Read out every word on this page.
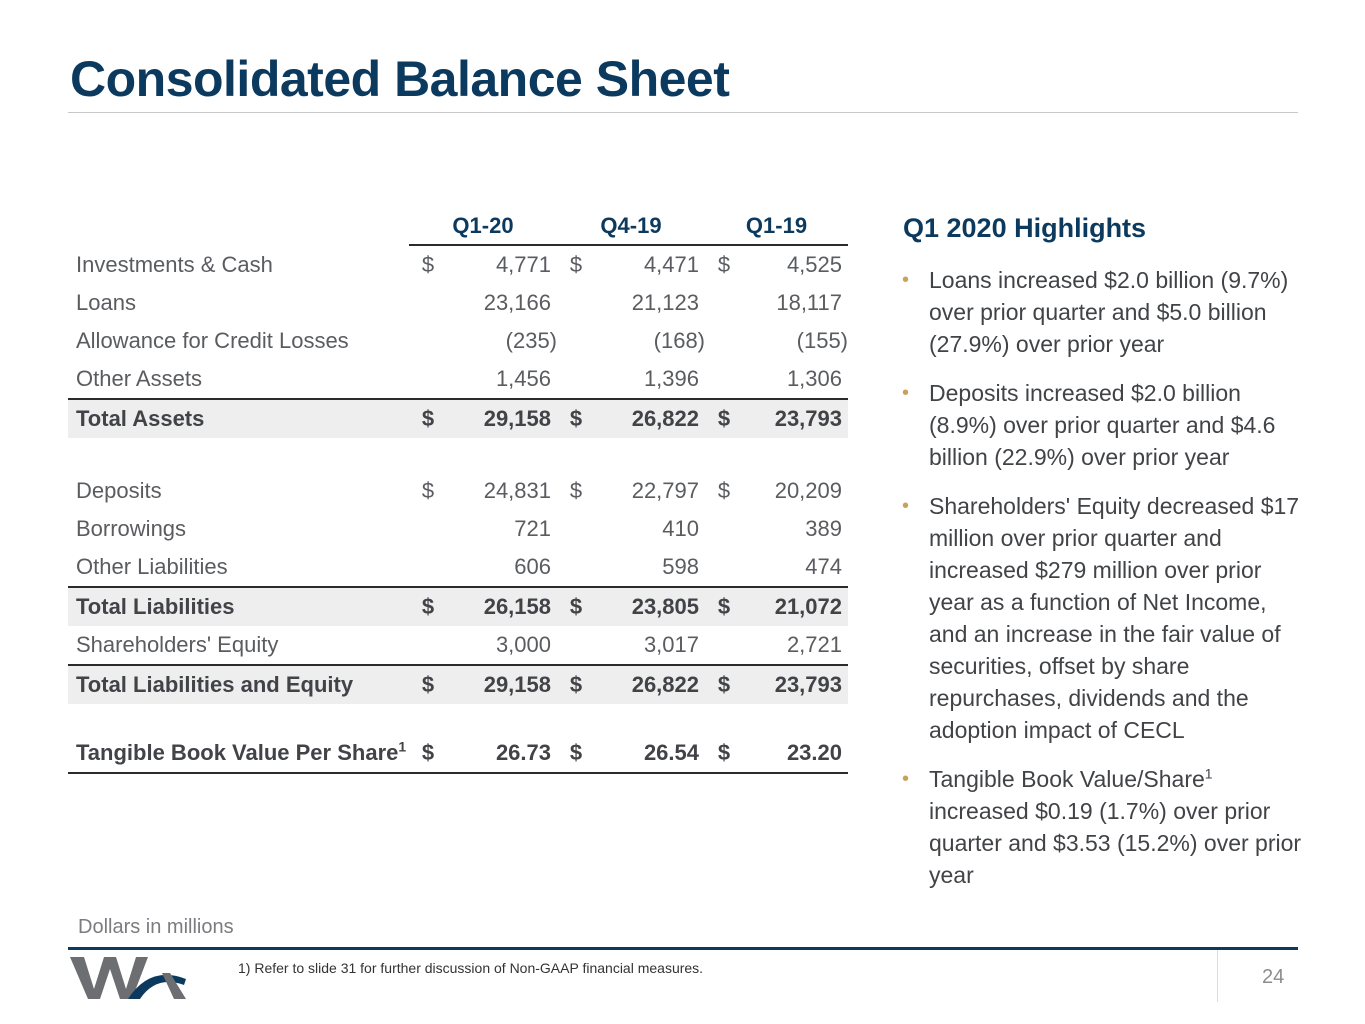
Consolidated Balance Sheet
	Q1-20		Q4-19		Q1-19	
Investments & Cash	$	4,771	$	4,471	$	4,525
Loans		23,166		21,123		18,117
Allowance for Credit Losses		(235)		(168)		(155)
Other Assets		1,456		1,396		1,306
Total Assets	$	29,158	$	26,822	$	23,793

Deposits	$	24,831	$	22,797	$	20,209
Borrowings		721		410		389
Other Liabilities		606		598		474
Total Liabilities	$	26,158	$	23,805	$	21,072
Shareholders' Equity		3,000		3,017		2,721
Total Liabilities and Equity	$	29,158	$	26,822	$	23,793

Tangible Book Value Per Share$^1$	$	26.73	$	26.54	$	23.20
Q1 2020 Highlights
• Loans increased $2.0 billion (9.7%) over prior quarter and $5.0 billion (27.9%) over prior year
• Deposits increased $2.0 billion (8.9%) over prior quarter and $4.6 billion (22.9%) over prior year
• Shareholders' Equity decreased $17 million over prior quarter and increased $279 million over prior year as a function of Net Income, and an increase in the fair value of securities, offset by share repurchases, dividends and the adoption impact of CECL
• Tangible Book Value/Share$^1$ increased $0.19 (1.7%) over prior quarter and $3.53 (15.2%) over prior year
Dollars in millions
1) Refer to slide 31 for further discussion of Non-GAAP financial measures.	24
